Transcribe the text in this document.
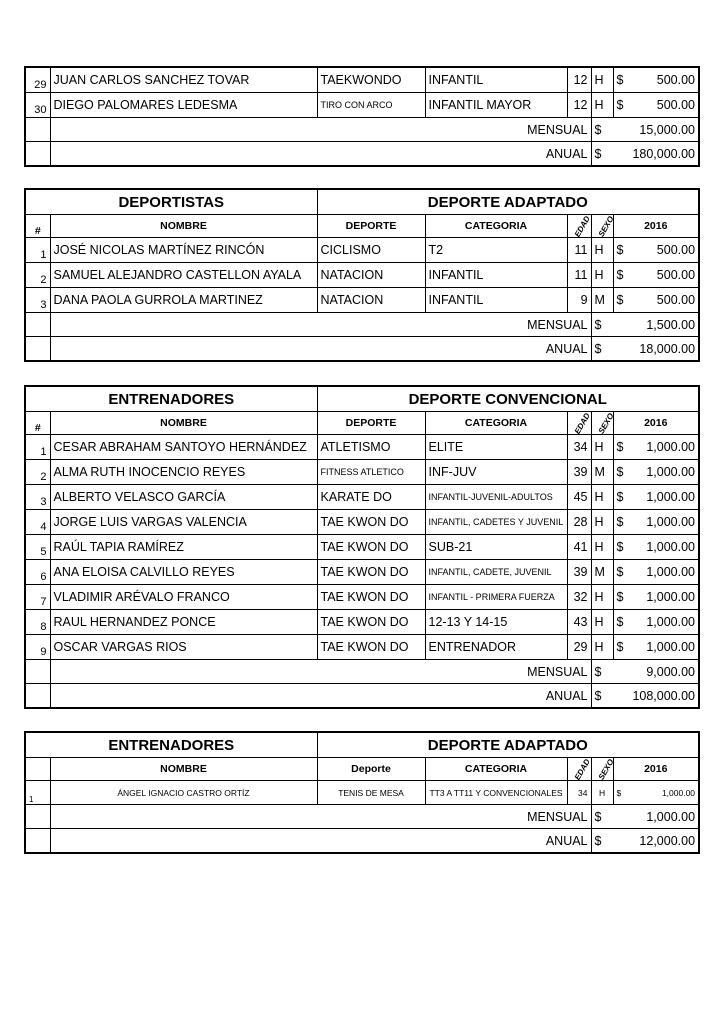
29	JUAN CARLOS SANCHEZ TOVAR	TAEKWONDO	INFANTIL	12	H	$ 500.00

30	DIEGO PALOMARES LEDESMA	TIRO CON ARCO	INFANTIL MAYOR	12	H	$ 500.00

	MENSUAL				$ 15,000.00	

	ANUAL				$ 180,000.00	
DEPORTISTAS		DEPORTE ADAPTADO				
#	NOMBRE	DEPORTE	CATEGORIA	EDAD	SEXO	2016
1	JOSÉ NICOLAS MARTÍNEZ RINCÓN	CICLISMO	T2	11	H	$ 500.00

2	SAMUEL ALEJANDRO CASTELLON AYALA	NATACION	INFANTIL	11	H	$ 500.00

3	DANA PAOLA GURROLA MARTINEZ	NATACION	INFANTIL	9	M	$ 500.00

	MENSUAL				$ 1,500.00	

	ANUAL				$ 18,000.00	
ENTRENADORES		DEPORTE CONVENCIONAL				
#	NOMBRE	DEPORTE	CATEGORIA	EDAD	SEXO	2016
1	CESAR ABRAHAM SANTOYO HERNÁNDEZ	ATLETISMO	ELITE	34	H	$ 1,000.00

2	ALMA RUTH INOCENCIO REYES	FITNESS ATLETICO	INF-JUV	39	M	$ 1,000.00

3	ALBERTO VELASCO GARCÍA	KARATE DO	INFANTIL-JUVENIL-ADULTOS	45	H	$ 1,000.00

4	JORGE LUIS VARGAS VALENCIA	TAE KWON DO	INFANTIL, CADETES Y JUVENIL	28	H	$ 1,000.00

5	RAÚL TAPIA RAMÍREZ	TAE KWON DO	SUB-21	41	H	$ 1,000.00

6	ANA ELOISA CALVILLO REYES	TAE KWON DO	INFANTIL, CADETE, JUVENIL	39	M	$ 1,000.00

7	VLADIMIR ARÉVALO FRANCO	TAE KWON DO	INFANTIL - PRIMERA FUERZA	32	H	$ 1,000.00

8	RAUL HERNANDEZ PONCE	TAE KWON DO	12-13 Y 14-15	43	H	$ 1,000.00

9	OSCAR VARGAS RIOS	TAE KWON DO	ENTRENADOR	29	H	$ 1,000.00

	MENSUAL				$ 9,000.00	

	ANUAL				$ 108,000.00	
ENTRENADORES		DEPORTE ADAPTADO				
	NOMBRE	Deporte	CATEGORIA	EDAD	SEXO	2016
1	ÁNGEL IGNACIO CASTRO ORTÍZ	TENIS DE MESA	TT3 A TT11 Y CONVENCIONALES	34	H	$ 1,000.00

	MENSUAL				$ 1,000.00	

	ANUAL				$ 12,000.00	
